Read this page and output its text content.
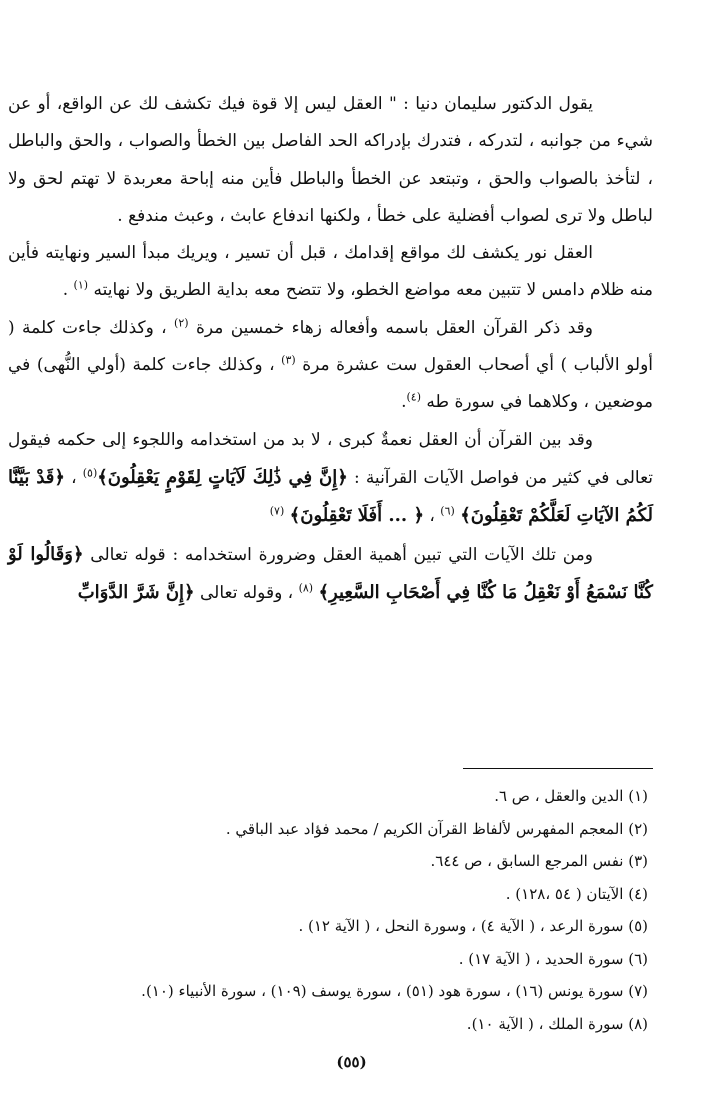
يقول الدكتور سليمان دنيا : " العقل ليس إلا قوة فيك تكشف لك عن الواقع، أو عن شيء من جوانبه ، لتدركه ، فتدرك بإدراكه الحد الفاصل بين الخطأ والصواب ، والحق والباطل ، لتأخذ بالصواب والحق ، وتبتعد عن الخطأ والباطل فأين منه إباحة معربدة لا تهتم لحق ولا لباطل ولا ترى لصواب أفضلية على خطأ ، ولكنها اندفاع عابث ، وعبث مندفع .

العقل نور يكشف لك مواقع إقدامك ، قبل أن تسير ، ويريك مبدأ السير ونهايته فأين منه ظلام دامس لا تتبين معه مواضع الخطو، ولا تتضح معه بداية الطريق ولا نهايته $^{(١)}$ .

وقد ذكر القرآن العقل باسمه وأفعاله زهاء خمسين مرة $^{(٢)}$ ، وكذلك جاءت كلمة ( أولو الألباب ) أي أصحاب العقول ست عشرة مرة $^{(٣)}$ ، وكذلك جاءت كلمة (أولي النُّهى) في موضعين ، وكلاهما في سورة طه $^{(٤)}$.

وقد بين القرآن أن العقل نعمةٌ كبرى ، لا بد من استخدامه واللجوء إلى حكمه فيقول تعالى في كثير من فواصل الآيات القرآنية : ﴿إِنَّ فِي ذَٰلِكَ لَآيَاتٍ لِقَوْمٍ يَعْقِلُونَ﴾$^{(٥)}$ ، ﴿قَدْ بَيَّنَّا لَكُمُ الآيَاتِ لَعَلَّكُمْ تَعْقِلُونَ﴾ $^{(٦)}$ ، ﴿ ... أَفَلَا تَعْقِلُونَ﴾ $^{(٧)}$

ومن تلك الآيات التي تبين أهمية العقل وضرورة استخدامه : قوله تعالى ﴿وَقَالُوا لَوْ كُنَّا نَسْمَعُ أَوْ نَعْقِلُ مَا كُنَّا فِي أَصْحَابِ السَّعِيرِ﴾ $^{(٨)}$ ، وقوله تعالى ﴿إِنَّ شَرَّ الدَّوَابِّ

(١) الدين والعقل ، ص ٦.
(٢) المعجم المفهرس لألفاظ القرآن الكريم / محمد فؤاد عبد الباقي .
(٣) نفس المرجع السابق ، ص ٦٤٤.
(٤) الآيتان ( ٥٤ ،١٢٨) .
(٥) سورة الرعد ، ( الآية ٤) ، وسورة النحل ، ( الآية ١٢) .
(٦) سورة الحديد ، ( الآية ١٧) .
(٧) سورة يونس (١٦) ، سورة هود (٥١) ، سورة يوسف (١٠٩) ، سورة الأنبياء (١٠).
(٨) سورة الملك ، ( الآية ١٠).
(٥٥)
